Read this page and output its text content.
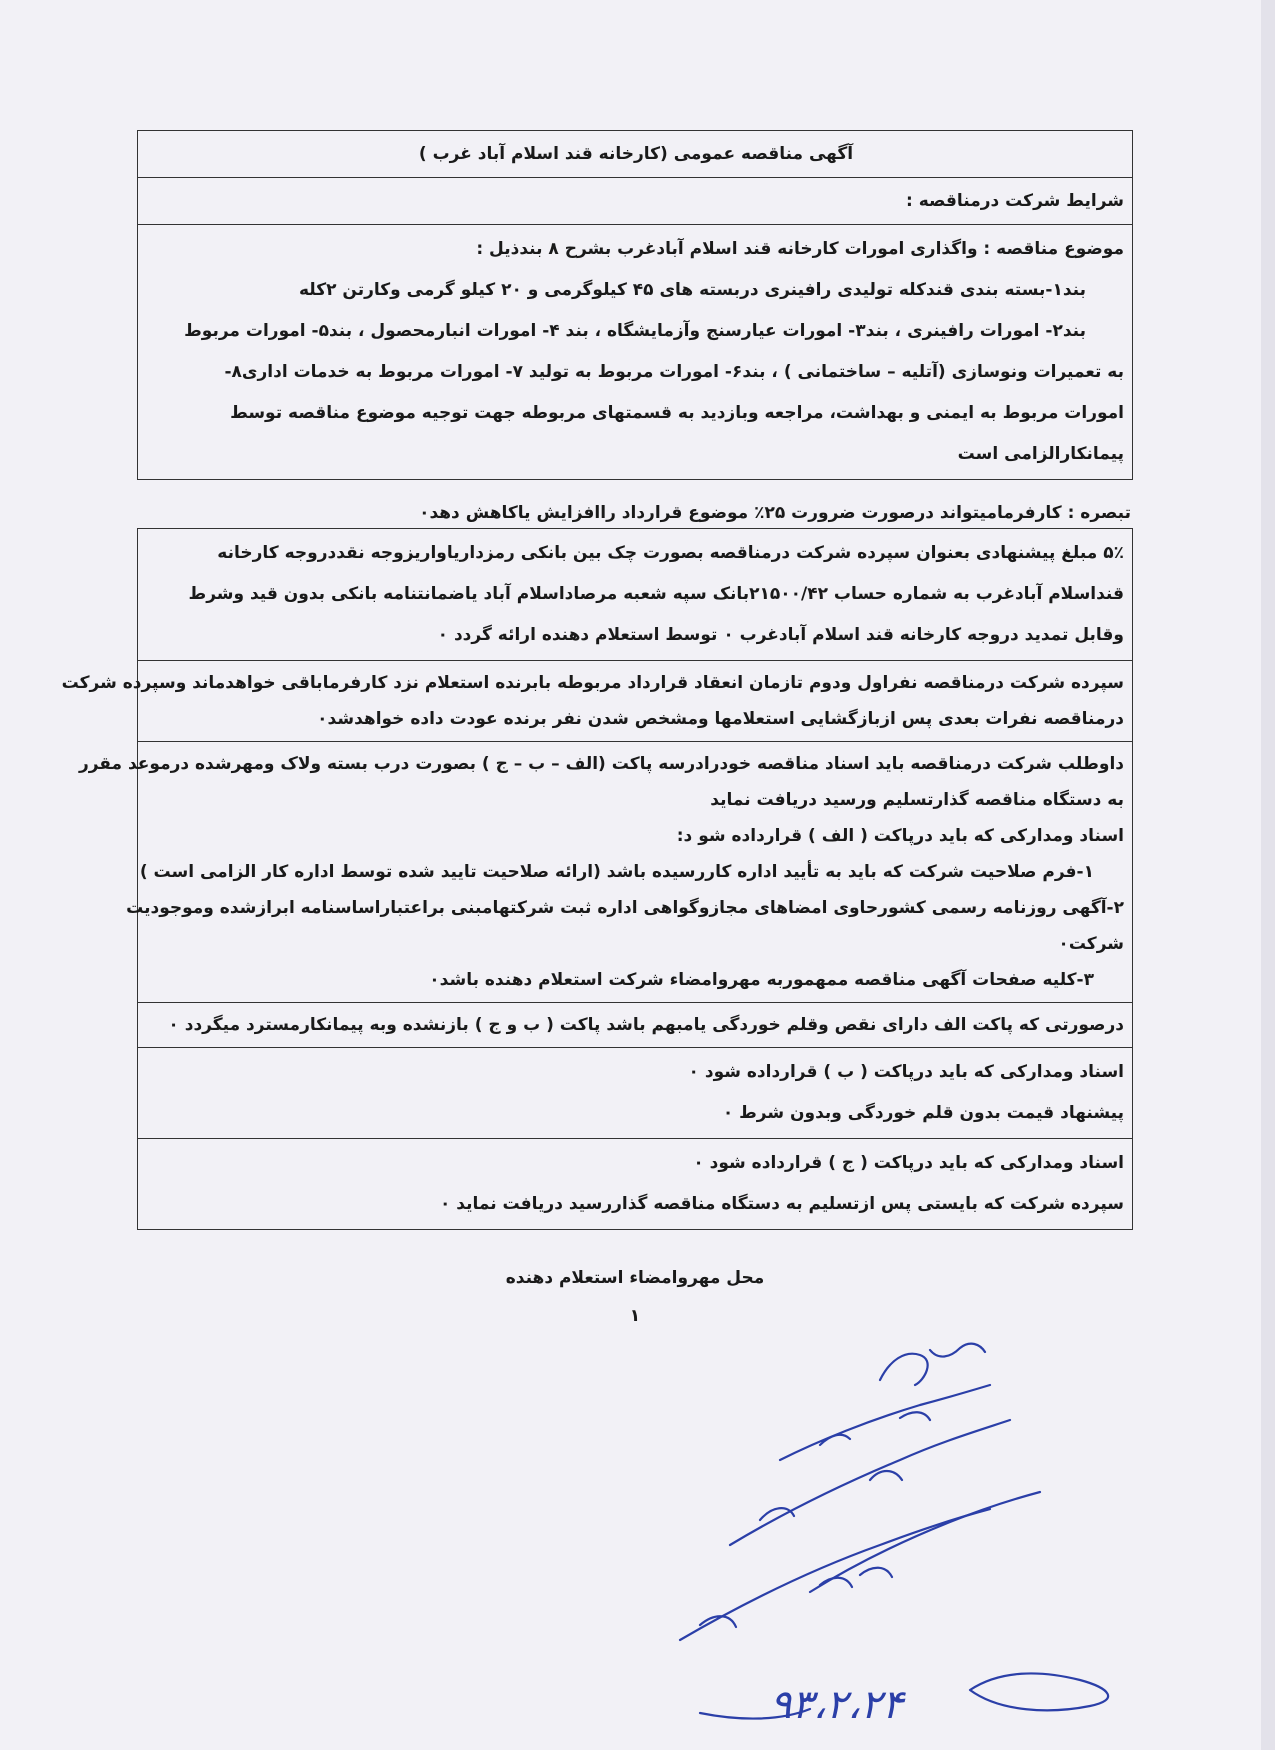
آگهی مناقصه عمومی (کارخانه قند اسلام آباد غرب )
شرایط شرکت درمناقصه :
موضوع مناقصه : واگذاری امورات کارخانه قند اسلام آبادغرب بشرح ۸ بندذیل :
بند۱-بسته بندی قندکله تولیدی رافینری دربسته های ۴۵ کیلوگرمی و ۲۰ کیلو گرمی وکارتن ۲کله
بند۲- امورات رافینری ، بند۳- امورات عیارسنج وآزمایشگاه ، بند ۴- امورات انبارمحصول ، بند۵- امورات مربوط
به تعمیرات ونوسازی (آتلیه – ساختمانی ) ، بند۶- امورات مربوط به تولید ۷- امورات مربوط به خدمات اداری۸-
امورات مربوط به ایمنی و بهداشت، مراجعه وبازدید به قسمتهای مربوطه جهت توجیه موضوع مناقصه توسط
پیمانکارالزامی است
تبصره : کارفرمامیتواند درصورت ضرورت ۲۵٪ موضوع قرارداد راافزایش یاکاهش دهد٠
۵٪ مبلغ پیشنهادی بعنوان سپرده شرکت درمناقصه بصورت چک بین بانکی رمزداریاواریزوجه نقددروجه کارخانه
قنداسلام آبادغرب به شماره حساب ۲۱۵۰۰/۴۲بانک سپه شعبه مرصاداسلام آباد یاضمانتنامه بانکی بدون قید وشرط
وقابل تمدید دروجه کارخانه قند اسلام آبادغرب ٠ توسط استعلام دهنده ارائه گردد ٠
سپرده شرکت درمناقصه نفراول ودوم تازمان انعقاد قرارداد مربوطه بابرنده استعلام نزد کارفرماباقی خواهدماند وسپرده شرکت
درمناقصه نفرات بعدی پس ازبازگشایی استعلامها ومشخص شدن نفر برنده عودت داده خواهدشد٠
داوطلب شرکت درمناقصه باید اسناد مناقصه خودرادرسه پاکت (الف – ب – ج ) بصورت درب بسته ولاک ومهرشده درموعد مقرر
به دستگاه مناقصه گذارتسلیم ورسید دریافت نماید
اسناد ومدارکی که باید درپاکت ( الف ) قرارداده شو د:
۱-فرم صلاحیت شرکت که باید به تأیید اداره کاررسیده باشد (ارائه صلاحیت تایید شده توسط اداره کار الزامی است )
۲-آگهی روزنامه رسمی کشورحاوی امضاهای مجازوگواهی اداره ثبت شرکتهامبنی براعتباراساسنامه ابرازشده وموجودیت
شرکت٠
۳-کلیه صفحات آگهی مناقصه ممهموربه مهروامضاء شرکت استعلام دهنده باشد٠
درصورتی که پاکت الف دارای نقص وقلم خوردگی یامبهم باشد پاکت ( ب و ج ) بازنشده وبه پیمانکارمسترد میگردد ٠
اسناد ومدارکی که باید درپاکت ( ب ) قرارداده شود ٠
پیشنهاد قیمت بدون قلم خوردگی وبدون شرط ٠
اسناد ومدارکی که باید درپاکت ( ج ) قرارداده شود ٠
سپرده شرکت که بایستی پس ازتسلیم به دستگاه مناقصه گذاررسید دریافت نماید ٠
محل مهروامضاء استعلام دهنده
۱
۹۳،۲،۲۴
